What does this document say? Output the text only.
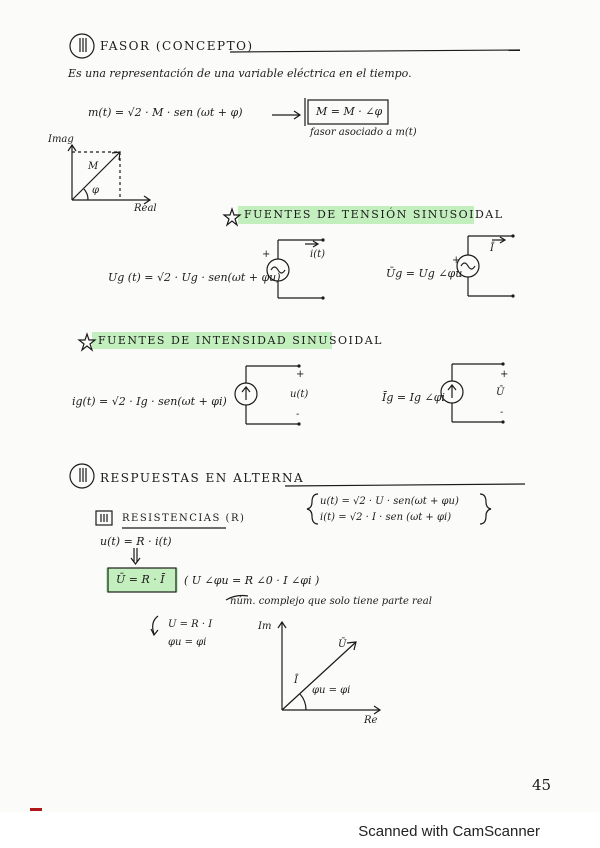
FASOR (CONCEPTO)
Es una representación de una variable eléctrica en el tiempo.
m(t) = √2 · M · sen (ωt + φ)	M = M · ∠φ
fasor asociado a m(t)
Imag
Real
M
φ
FUENTES DE TENSIÓN SINUSOIDAL
Ug (t) = √2 · Ug · sen(ωt + φu)
+	i(t)
Ūg = Ug ∠φu
+
Ī
FUENTES DE INTENSIDAD SINUSOIDAL
ig(t) = √2 · Ig · sen(ωt + φi)
+
u(t)
-
Īg = Ig ∠φi
+
Ū
-
RESPUESTAS EN ALTERNA
u(t) = √2 · U · sen(ωt + φu)
i(t) = √2 · I · sen (ωt + φi)
RESISTENCIAS (R)
u(t) = R · i(t)
Ū = R · Ī ( U ∠φu = R ∠0 · I ∠φi )
núm. complejo que solo tiene parte real
U = R · I
φu = φi
Im
Re
Ū
Ī
φu = φi
45
Scanned with CamScanner
